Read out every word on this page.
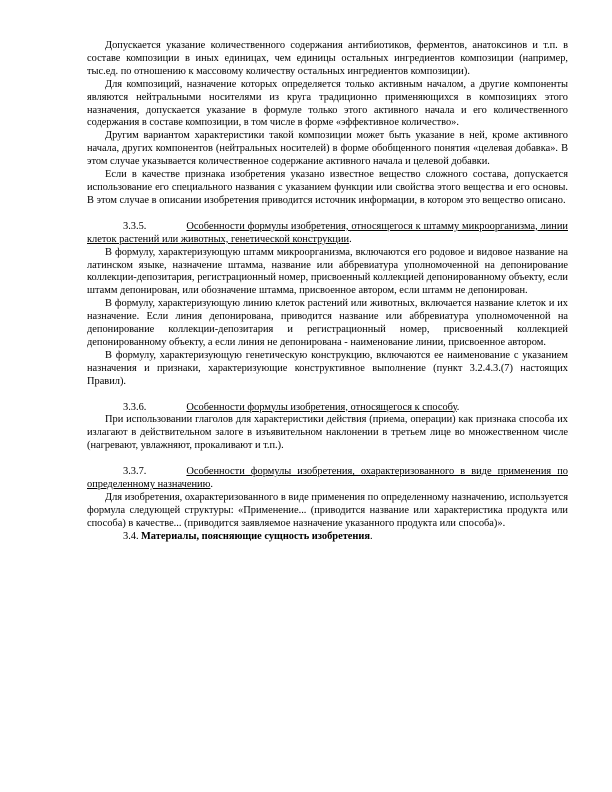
Допускается указание количественного содержания антибиотиков, ферментов, анатоксинов и т.п. в составе композиции в иных единицах, чем единицы остальных ингредиентов композиции (например, тыс.ед. по отношению к массовому количеству остальных ингредиентов композиции).

Для композиций, назначение которых определяется только активным началом, а другие компоненты являются нейтральными носителями из круга традиционно применяющихся в композициях этого назначения, допускается указание в формуле только этого активного начала и его количественного содержания в составе композиции, в том числе в форме «эффективное количество».

Другим вариантом характеристики такой композиции может быть указание в ней, кроме активного начала, других компонентов (нейтральных носителей) в форме обобщенного понятия «целевая добавка». В этом случае указывается количественное содержание активного начала и целевой добавки.

Если в качестве признака изобретения указано известное вещество сложного состава, допускается использование его специального названия с указанием функции или свойства этого вещества и его основы. В этом случае в описании изобретения приводится источник информации, в котором это вещество описано.

3.3.5.	Особенности формулы изобретения, относящегося к штамму микроорганизма, линии клеток растений или животных, генетической конструкции.

В формулу, характеризующую штамм микроорганизма, включаются его родовое и видовое название на латинском языке, назначение штамма, название или аббревиатура уполномоченной на депонирование коллекции-депозитария, регистрационный номер, присвоенный коллекцией депонированному объекту, если штамм депонирован, или обозначение штамма, присвоенное автором, если штамм не депонирован.

В формулу, характеризующую линию клеток растений или животных, включается название клеток и их назначение. Если линия депонирована, приводится название или аббревиатура уполномоченной на депонирование коллекции-депозитария и регистрационный номер, присвоенный коллекцией депонированному объекту, а если линия не депонирована - наименование линии, присвоенное автором.

В формулу, характеризующую генетическую конструкцию, включаются ее наименование с указанием назначения и признаки, характеризующие конструктивное выполнение (пункт 3.2.4.3.(7) настоящих Правил).

3.3.6.	Особенности формулы изобретения, относящегося к способу.

При использовании глаголов для характеристики действия (приема, операции) как признака способа их излагают в действительном залоге в изъявительном наклонении в третьем лице во множественном числе (нагревают, увлажняют, прокаливают и т.п.).

3.3.7.	Особенности формулы изобретения, охарактеризованного в виде применения по определенному назначению.

Для изобретения, охарактеризованного в виде применения по определенному назначению, используется формула следующей структуры: «Применение... (приводится название или характеристика продукта или способа) в качестве... (приводится заявляемое назначение указанного продукта или способа)».

3.4. Материалы, поясняющие сущность изобретения.
